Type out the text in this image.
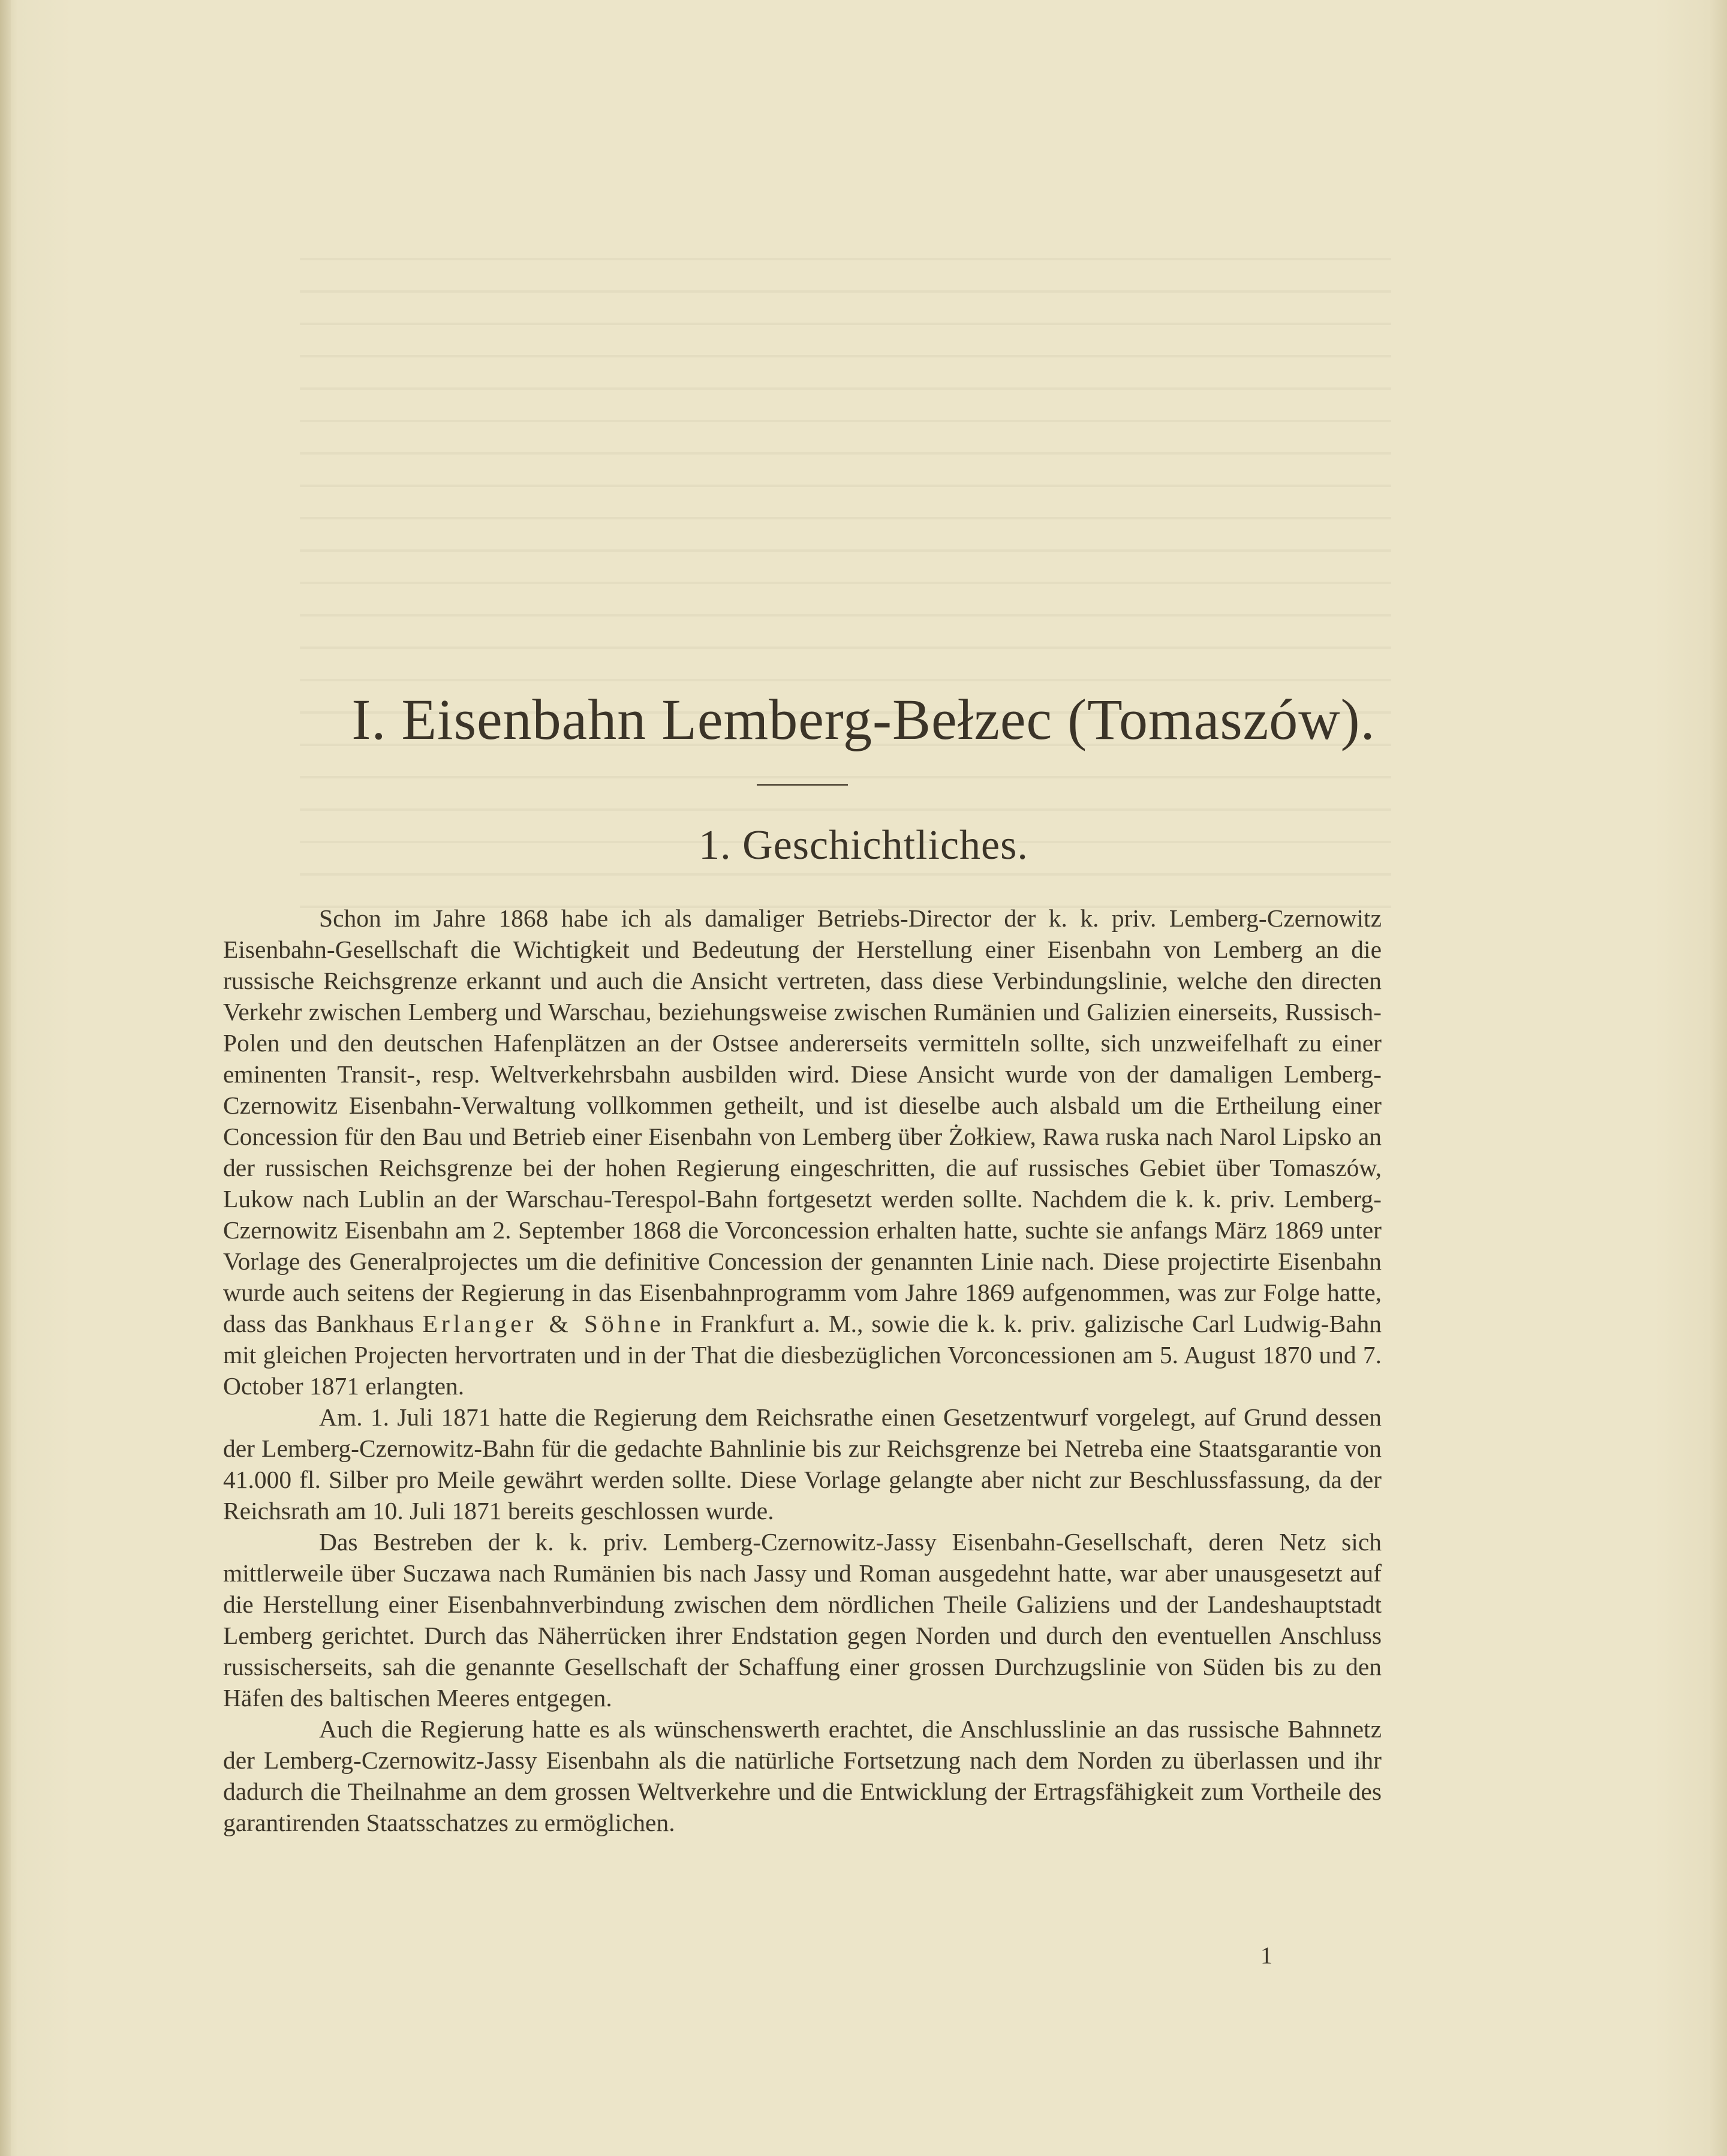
I. Eisenbahn Lemberg-Bełzec (Tomaszów).
1. Geschichtliches.

Schon im Jahre 1868 habe ich als damaliger Betriebs-Director der k. k. priv. Lemberg-Czernowitz Eisenbahn-Gesellschaft die Wichtigkeit und Bedeutung der Herstellung einer Eisenbahn von Lemberg an die russische Reichsgrenze erkannt und auch die Ansicht vertreten, dass diese Verbindungslinie, welche den directen Verkehr zwischen Lemberg und Warschau, beziehungsweise zwischen Rumänien und Galizien einerseits, Russisch-Polen und den deutschen Hafenplätzen an der Ostsee andererseits vermitteln sollte, sich unzweifelhaft zu einer eminenten Transit-, resp. Weltverkehrsbahn ausbilden wird. Diese Ansicht wurde von der damaligen Lemberg-Czernowitz Eisenbahn-Verwaltung vollkommen getheilt, und ist dieselbe auch alsbald um die Ertheilung einer Concession für den Bau und Betrieb einer Eisenbahn von Lemberg über Żołkiew, Rawa ruska nach Narol Lipsko an der russischen Reichsgrenze bei der hohen Regierung eingeschritten, die auf russisches Gebiet über Tomaszów, Lukow nach Lublin an der Warschau-Terespol-Bahn fortgesetzt werden sollte. Nachdem die k. k. priv. Lemberg-Czernowitz Eisenbahn am 2. September 1868 die Vorconcession erhalten hatte, suchte sie anfangs März 1869 unter Vorlage des Generalprojectes um die definitive Concession der genannten Linie nach. Diese projectirte Eisenbahn wurde auch seitens der Regierung in das Eisenbahnprogramm vom Jahre 1869 aufgenommen, was zur Folge hatte, dass das Bankhaus Erlanger & Söhne in Frankfurt a. M., sowie die k. k. priv. galizische Carl Ludwig-Bahn mit gleichen Projecten hervortraten und in der That die diesbezüglichen Vorconcessionen am 5. August 1870 und 7. October 1871 erlangten.

Am. 1. Juli 1871 hatte die Regierung dem Reichsrathe einen Gesetzentwurf vorgelegt, auf Grund dessen der Lemberg-Czernowitz-Bahn für die gedachte Bahnlinie bis zur Reichsgrenze bei Netreba eine Staatsgarantie von 41.000 fl. Silber pro Meile gewährt werden sollte. Diese Vorlage gelangte aber nicht zur Beschlussfassung, da der Reichsrath am 10. Juli 1871 bereits geschlossen wurde.

Das Bestreben der k. k. priv. Lemberg-Czernowitz-Jassy Eisenbahn-Gesellschaft, deren Netz sich mittlerweile über Suczawa nach Rumänien bis nach Jassy und Roman ausgedehnt hatte, war aber unausgesetzt auf die Herstellung einer Eisenbahnverbindung zwischen dem nördlichen Theile Galiziens und der Landeshauptstadt Lemberg gerichtet. Durch das Näherrücken ihrer Endstation gegen Norden und durch den eventuellen Anschluss russischerseits, sah die genannte Gesellschaft der Schaffung einer grossen Durchzugslinie von Süden bis zu den Häfen des baltischen Meeres entgegen.

Auch die Regierung hatte es als wünschenswerth erachtet, die Anschlusslinie an das russische Bahnnetz der Lemberg-Czernowitz-Jassy Eisenbahn als die natürliche Fortsetzung nach dem Norden zu überlassen und ihr dadurch die Theilnahme an dem grossen Weltverkehre und die Entwicklung der Ertragsfähigkeit zum Vortheile des garantirenden Staatsschatzes zu ermöglichen.

1
